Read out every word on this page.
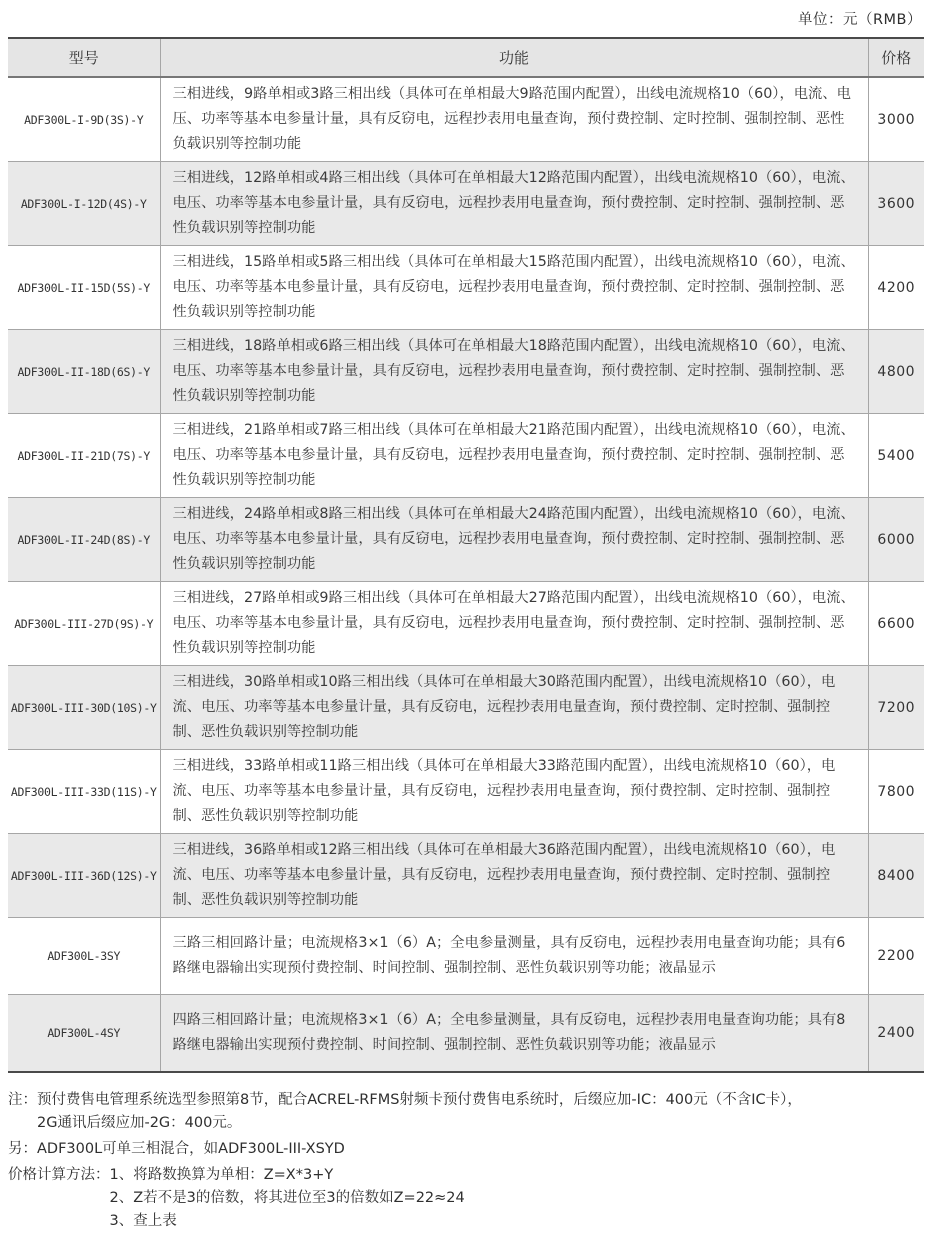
单位：元（RMB）
型号	功能	价格
ADF300L-I-9D(3S)-Y	三相进线，9路单相或3路三相出线（具体可在单相最大9路范围内配置），出线电流规格10（60），电流、电压、功率等基本电参量计量，具有反窃电，远程抄表用电量查询，预付费控制、定时控制、强制控制、恶性负载识别等控制功能	3000
ADF300L-I-12D(4S)-Y	三相进线，12路单相或4路三相出线（具体可在单相最大12路范围内配置），出线电流规格10（60），电流、电压、功率等基本电参量计量，具有反窃电，远程抄表用电量查询，预付费控制、定时控制、强制控制、恶性负载识别等控制功能	3600
ADF300L-II-15D(5S)-Y	三相进线，15路单相或5路三相出线（具体可在单相最大15路范围内配置），出线电流规格10（60），电流、电压、功率等基本电参量计量，具有反窃电，远程抄表用电量查询，预付费控制、定时控制、强制控制、恶性负载识别等控制功能	4200
ADF300L-II-18D(6S)-Y	三相进线，18路单相或6路三相出线（具体可在单相最大18路范围内配置），出线电流规格10（60），电流、电压、功率等基本电参量计量，具有反窃电，远程抄表用电量查询，预付费控制、定时控制、强制控制、恶性负载识别等控制功能	4800
ADF300L-II-21D(7S)-Y	三相进线，21路单相或7路三相出线（具体可在单相最大21路范围内配置），出线电流规格10（60），电流、电压、功率等基本电参量计量，具有反窃电，远程抄表用电量查询，预付费控制、定时控制、强制控制、恶性负载识别等控制功能	5400
ADF300L-II-24D(8S)-Y	三相进线，24路单相或8路三相出线（具体可在单相最大24路范围内配置），出线电流规格10（60），电流、电压、功率等基本电参量计量，具有反窃电，远程抄表用电量查询，预付费控制、定时控制、强制控制、恶性负载识别等控制功能	6000
ADF300L-III-27D(9S)-Y	三相进线，27路单相或9路三相出线（具体可在单相最大27路范围内配置），出线电流规格10（60），电流、电压、功率等基本电参量计量，具有反窃电，远程抄表用电量查询，预付费控制、定时控制、强制控制、恶性负载识别等控制功能	6600
ADF300L-III-30D(10S)-Y	三相进线，30路单相或10路三相出线（具体可在单相最大30路范围内配置），出线电流规格10（60），电流、电压、功率等基本电参量计量，具有反窃电，远程抄表用电量查询，预付费控制、定时控制、强制控制、恶性负载识别等控制功能	7200
ADF300L-III-33D(11S)-Y	三相进线，33路单相或11路三相出线（具体可在单相最大33路范围内配置），出线电流规格10（60），电流、电压、功率等基本电参量计量，具有反窃电，远程抄表用电量查询，预付费控制、定时控制、强制控制、恶性负载识别等控制功能	7800
ADF300L-III-36D(12S)-Y	三相进线，36路单相或12路三相出线（具体可在单相最大36路范围内配置），出线电流规格10（60），电流、电压、功率等基本电参量计量，具有反窃电，远程抄表用电量查询，预付费控制、定时控制、强制控制、恶性负载识别等控制功能	8400
ADF300L-3SY	三路三相回路计量；电流规格3×1（6）A；全电参量测量，具有反窃电，远程抄表用电量查询功能；具有6路继电器输出实现预付费控制、时间控制、强制控制、恶性负载识别等功能；液晶显示	2200
ADF300L-4SY	四路三相回路计量；电流规格3×1（6）A；全电参量测量，具有反窃电，远程抄表用电量查询功能；具有8路继电器输出实现预付费控制、时间控制、强制控制、恶性负载识别等功能；液晶显示	2400
注： 预付费售电管理系统选型参照第8节，配合ACREL-RFMS射频卡预付费售电系统时，后缀应加-IC：400元（不含IC卡），
2G通讯后缀应加-2G：400元。
另： ADF300L可单三相混合，如ADF300L-III-XSYD
价格计算方法： 1、将路数换算为单相：Z=X*3+Y
2、Z若不是3的倍数，将其进位至3的倍数如Z=22≈24
3、查上表
